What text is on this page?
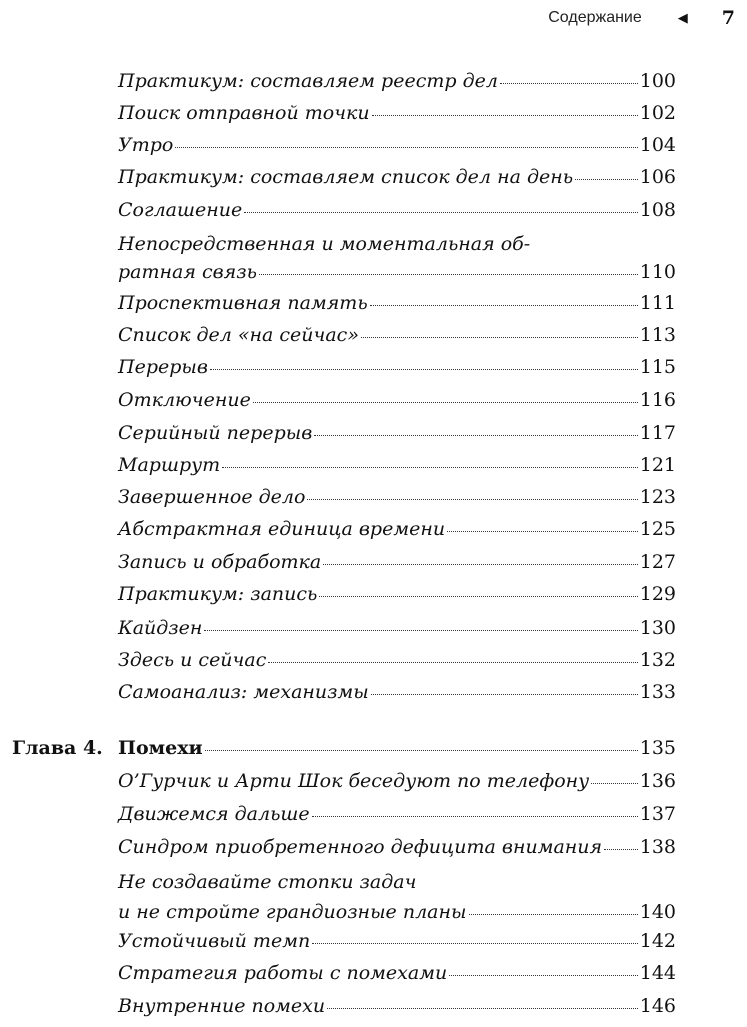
Содержание	◀ 7
Практикум: составляем реестр дел	100
Поиск отправной точки	102
Утро	104
Практикум: составляем список дел на день	106
Соглашение	108
Непосредственная и моментальная об-
ратная связь	110
Проспективная память	111
Список дел «на сейчас»	113
Перерыв	115
Отключение	116
Серийный перерыв	117
Маршрут	121
Завершенное дело	123
Абстрактная единица времени	125
Запись и обработка	127
Практикум: запись	129
Кайдзен	130
Здесь и сейчас	132
Самоанализ: механизмы	133
Глава 4. Помехи	135
О’Гурчик и Арти Шок беседуют по телефону	136
Движемся дальше	137
Синдром приобретенного дефицита внимания 138
Не создавайте стопки задач
и не стройте грандиозные планы	140
Устойчивый темп	142
Стратегия работы с помехами	144
Внутренние помехи	146
